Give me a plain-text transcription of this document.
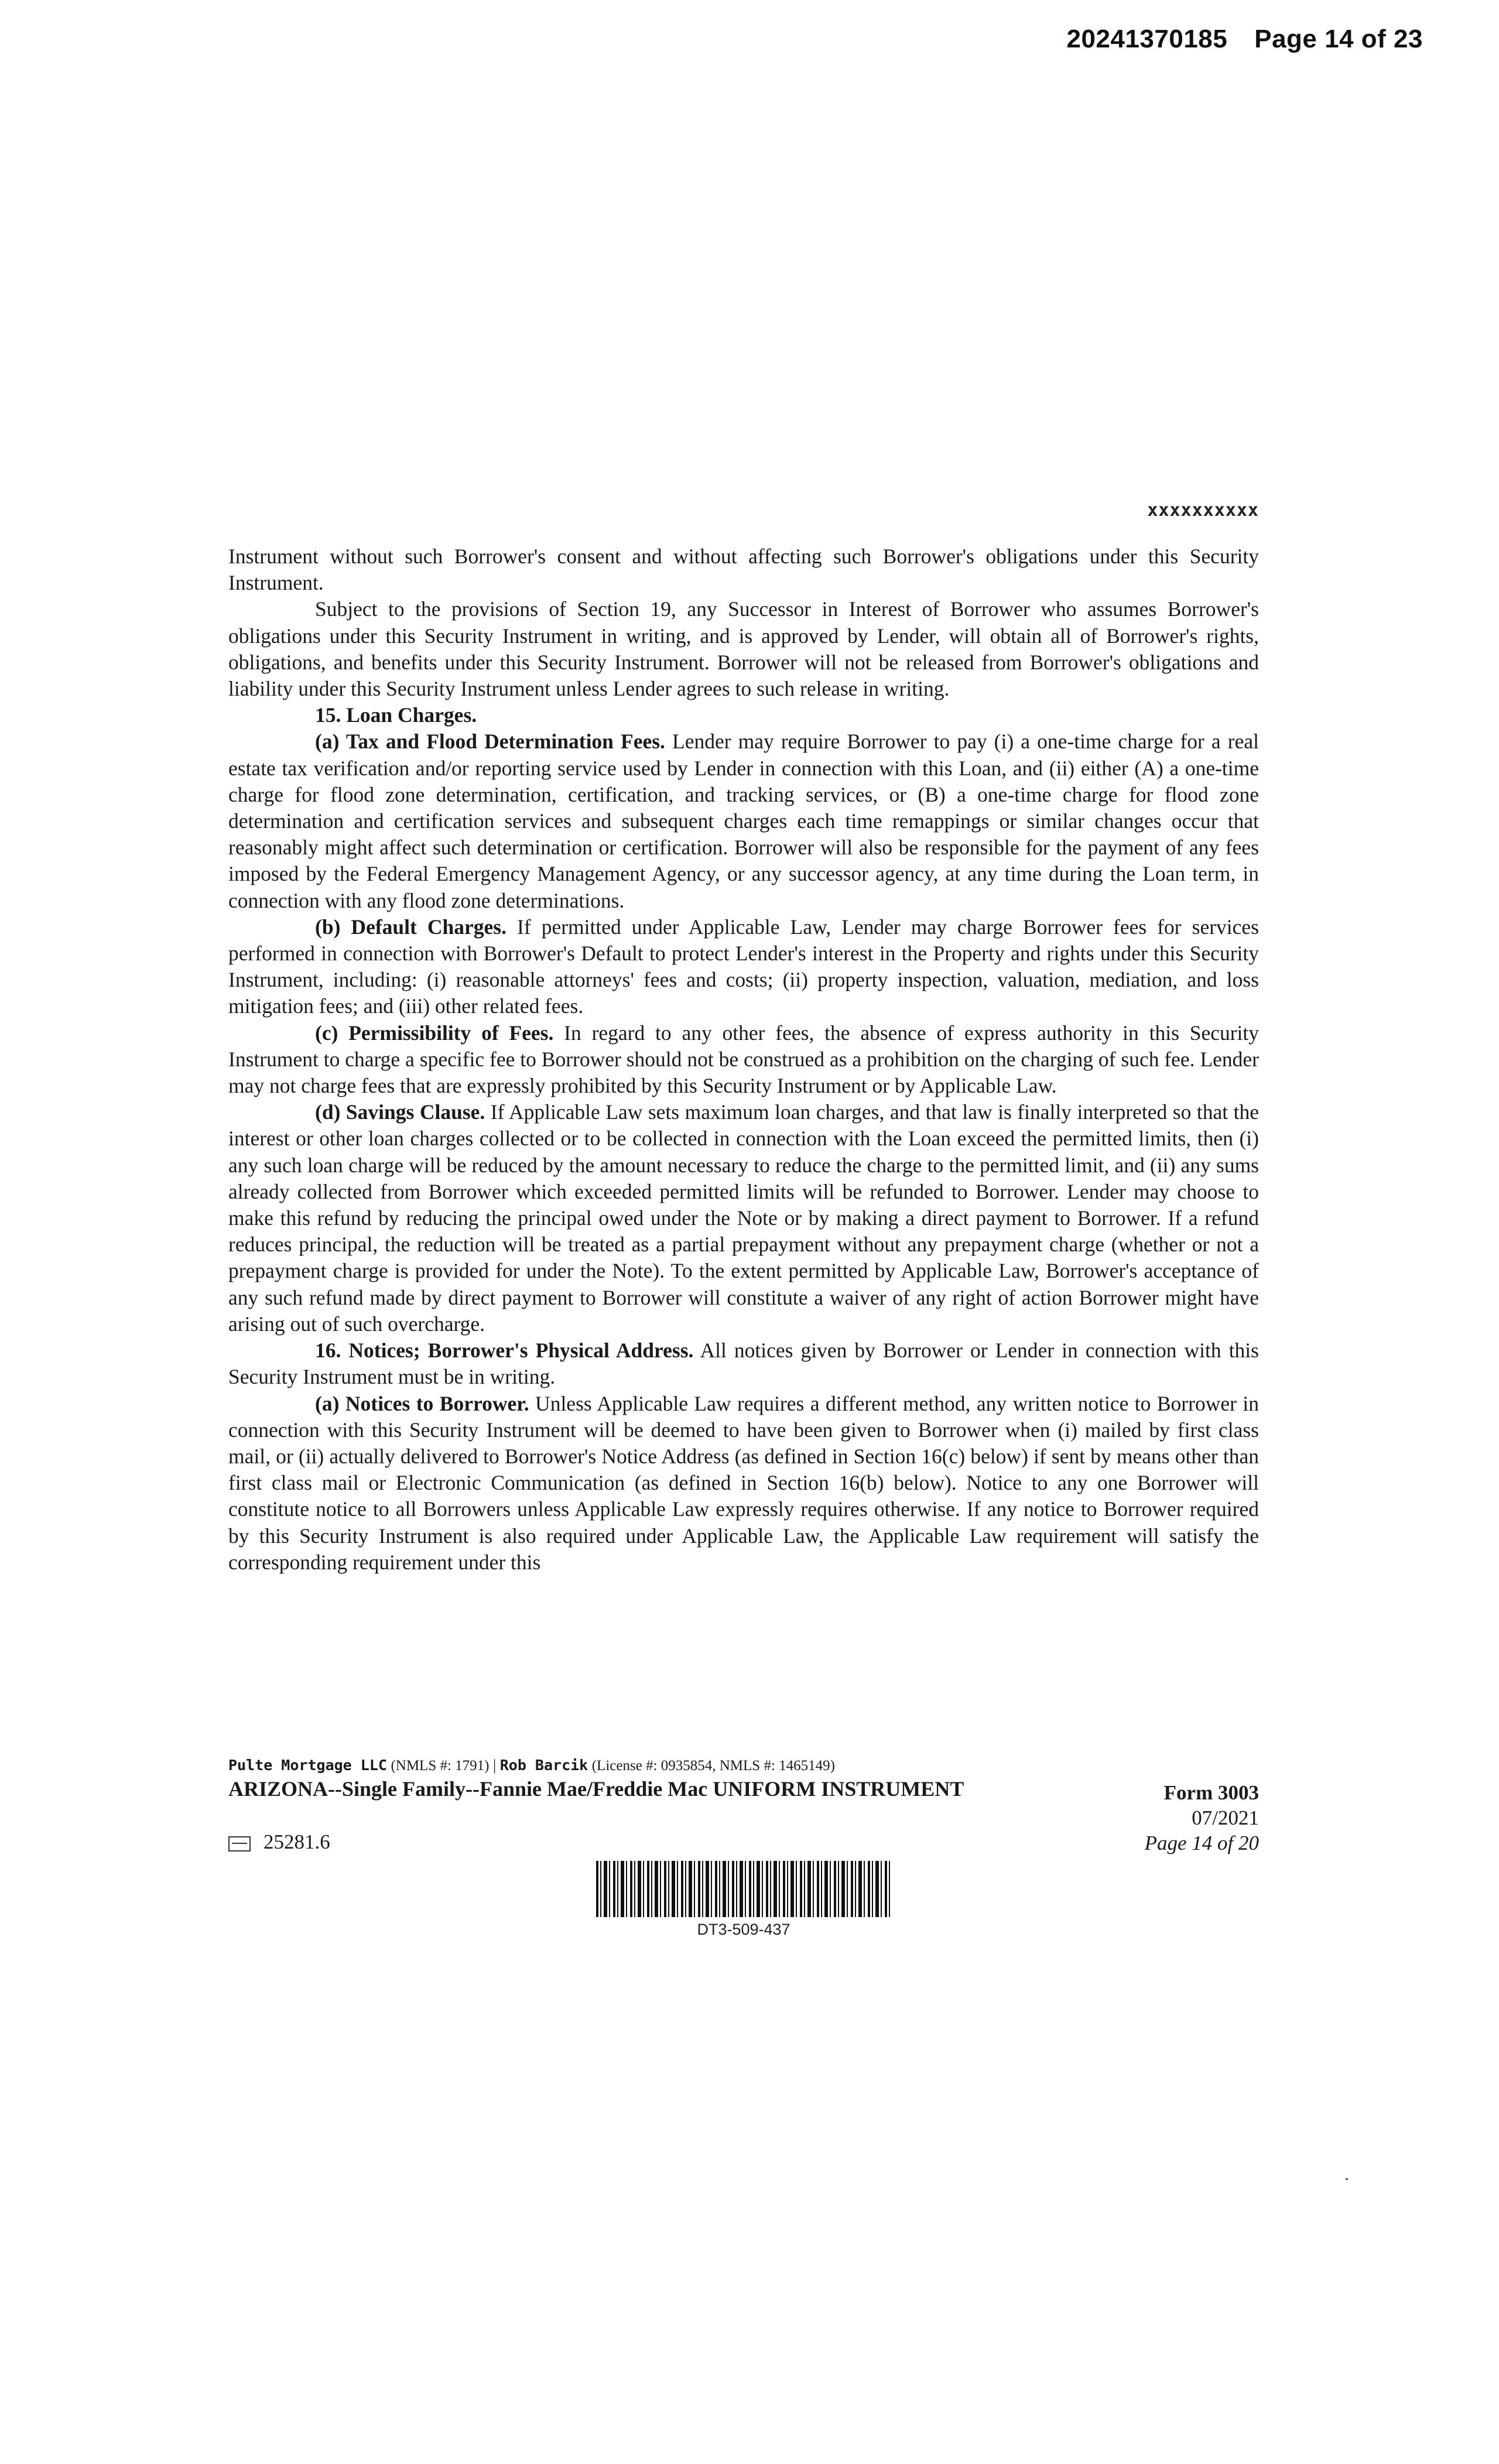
20241370185 Page 14 of 23
xxxxxxxxxx

Instrument without such Borrower's consent and without affecting such Borrower's obligations under this Security Instrument.

Subject to the provisions of Section 19, any Successor in Interest of Borrower who assumes Borrower's obligations under this Security Instrument in writing, and is approved by Lender, will obtain all of Borrower's rights, obligations, and benefits under this Security Instrument. Borrower will not be released from Borrower's obligations and liability under this Security Instrument unless Lender agrees to such release in writing.

15. Loan Charges.

(a) Tax and Flood Determination Fees. Lender may require Borrower to pay (i) a one-time charge for a real estate tax verification and/or reporting service used by Lender in connection with this Loan, and (ii) either (A) a one-time charge for flood zone determination, certification, and tracking services, or (B) a one-time charge for flood zone determination and certification services and subsequent charges each time remappings or similar changes occur that reasonably might affect such determination or certification. Borrower will also be responsible for the payment of any fees imposed by the Federal Emergency Management Agency, or any successor agency, at any time during the Loan term, in connection with any flood zone determinations.

(b) Default Charges. If permitted under Applicable Law, Lender may charge Borrower fees for services performed in connection with Borrower's Default to protect Lender's interest in the Property and rights under this Security Instrument, including: (i) reasonable attorneys' fees and costs; (ii) property inspection, valuation, mediation, and loss mitigation fees; and (iii) other related fees.

(c) Permissibility of Fees. In regard to any other fees, the absence of express authority in this Security Instrument to charge a specific fee to Borrower should not be construed as a prohibition on the charging of such fee. Lender may not charge fees that are expressly prohibited by this Security Instrument or by Applicable Law.

(d) Savings Clause. If Applicable Law sets maximum loan charges, and that law is finally interpreted so that the interest or other loan charges collected or to be collected in connection with the Loan exceed the permitted limits, then (i) any such loan charge will be reduced by the amount necessary to reduce the charge to the permitted limit, and (ii) any sums already collected from Borrower which exceeded permitted limits will be refunded to Borrower. Lender may choose to make this refund by reducing the principal owed under the Note or by making a direct payment to Borrower. If a refund reduces principal, the reduction will be treated as a partial prepayment without any prepayment charge (whether or not a prepayment charge is provided for under the Note). To the extent permitted by Applicable Law, Borrower's acceptance of any such refund made by direct payment to Borrower will constitute a waiver of any right of action Borrower might have arising out of such overcharge.

16. Notices; Borrower's Physical Address. All notices given by Borrower or Lender in connection with this Security Instrument must be in writing.

(a) Notices to Borrower. Unless Applicable Law requires a different method, any written notice to Borrower in connection with this Security Instrument will be deemed to have been given to Borrower when (i) mailed by first class mail, or (ii) actually delivered to Borrower's Notice Address (as defined in Section 16(c) below) if sent by means other than first class mail or Electronic Communication (as defined in Section 16(b) below). Notice to any one Borrower will constitute notice to all Borrowers unless Applicable Law expressly requires otherwise. If any notice to Borrower required by this Security Instrument is also required under Applicable Law, the Applicable Law requirement will satisfy the corresponding requirement under this

Pulte Mortgage LLC (NMLS #: 1791) | Rob Barcik (License #: 0935854, NMLS #: 1465149)
ARIZONA--Single Family--Fannie Mae/Freddie Mac UNIFORM INSTRUMENT	Form 3003
07/2021
Page 14 of 20
25281.6
DT3-509-437
